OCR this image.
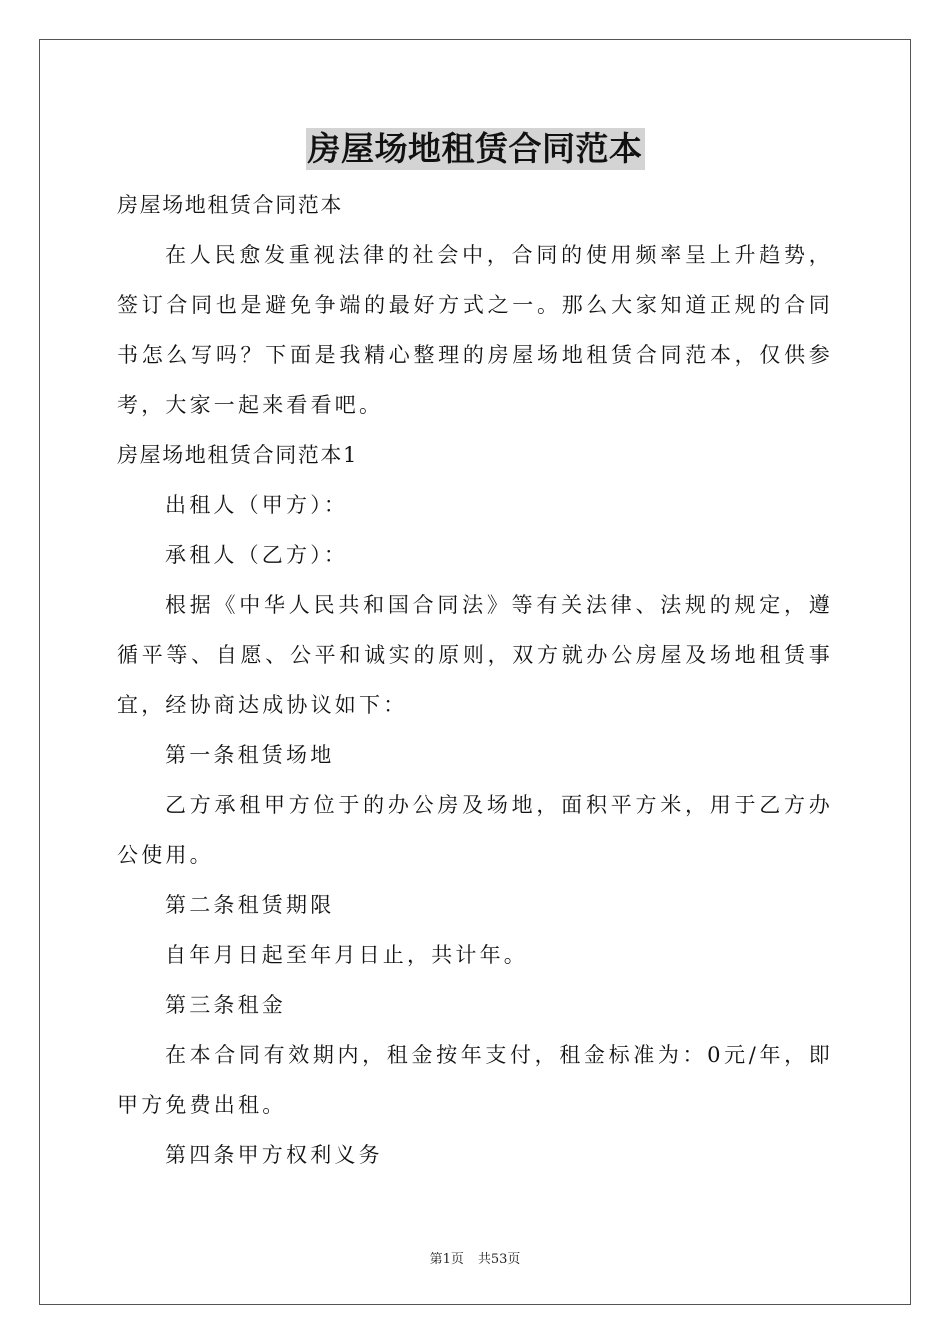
房屋场地租赁合同范本
房屋场地租赁合同范本
在人民愈发重视法律的社会中，合同的使用频率呈上升趋势，签订合同也是避免争端的最好方式之一。那么大家知道正规的合同书怎么写吗？下面是我精心整理的房屋场地租赁合同范本，仅供参考，大家一起来看看吧。
房屋场地租赁合同范本1
出租人（甲方）：
承租人（乙方）：
根据《中华人民共和国合同法》等有关法律、法规的规定，遵循平等、自愿、公平和诚实的原则，双方就办公房屋及场地租赁事宜，经协商达成协议如下：
第一条租赁场地
乙方承租甲方位于的办公房及场地，面积平方米，用于乙方办公使用。
第二条租赁期限
自年月日起至年月日止，共计年。
第三条租金
在本合同有效期内，租金按年支付，租金标准为：0元/年，即甲方免费出租。
第四条甲方权利义务
第1页 共53页
